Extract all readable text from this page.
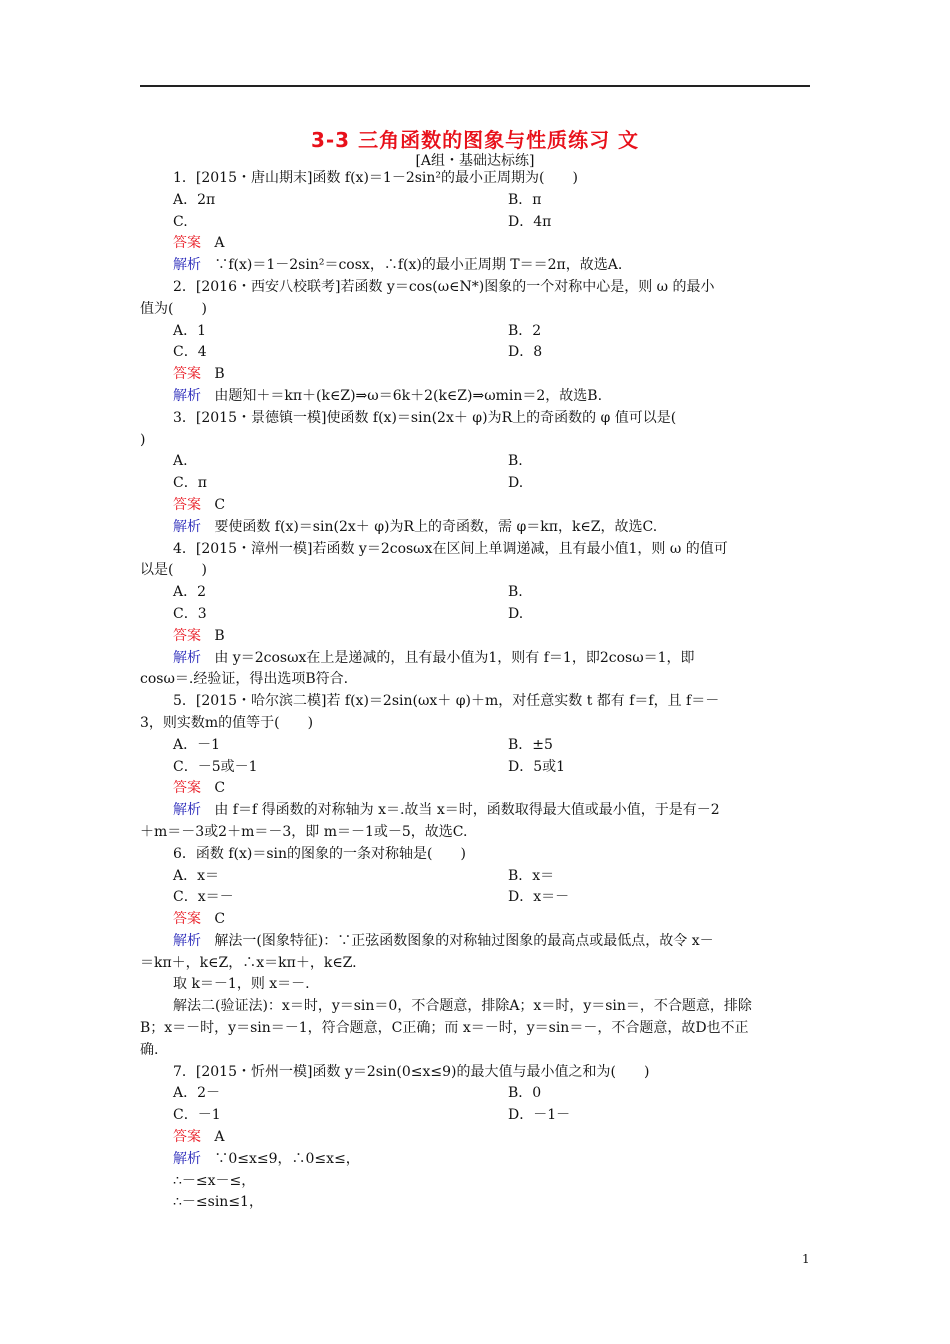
3-3 三角函数的图象与性质练习 文
[A组・基础达标练]
1．[2015・唐山期末]函数 f(x)＝1－2sin²的最小正周期为(　　)
A．2π	B．π
C.	D．4π
答案 A
解析 ∵f(x)＝1－2sin²＝cosx，∴f(x)的最小正周期 T＝＝2π，故选A.
2．[2016・西安八校联考]若函数 y＝cos(ω∈N*)图象的一个对称中心是，则 ω 的最小
值为(　　)
A．1	B．2
C．4	D．8
答案 B
解析 由题知＋＝kπ＋(k∈Z)⇒ω＝6k＋2(k∈Z)⇒ωmin＝2，故选B.
3．[2015・景德镇一模]使函数 f(x)＝sin(2x＋ φ)为R上的奇函数的 φ 值可以是(
)
A.	B.
C．π	D.
答案 C
解析 要使函数 f(x)＝sin(2x＋ φ)为R上的奇函数，需 φ＝kπ，k∈Z，故选C.
4．[2015・漳州一模]若函数 y＝2cosωx在区间上单调递减，且有最小值1，则 ω 的值可
以是(　　)
A．2	B.
C．3	D.
答案 B
解析 由 y＝2cosωx在上是递减的，且有最小值为1，则有 f＝1，即2cosω＝1，即
cosω＝.经验证，得出选项B符合.
5．[2015・哈尔滨二模]若 f(x)＝2sin(ωx＋ φ)＋m，对任意实数 t 都有 f＝f，且 f＝－
3，则实数m的值等于(　　)
A．－1	B．±5
C．－5或－1	D．5或1
答案 C
解析 由 f＝f 得函数的对称轴为 x＝.故当 x＝时，函数取得最大值或最小值，于是有－2
＋m＝－3或2＋m＝－3，即 m＝－1或－5，故选C.
6．函数 f(x)＝sin的图象的一条对称轴是(　　)
A．x＝	B．x＝
C．x＝－	D．x＝－
答案 C
解析 解法一(图象特征)：∵正弦函数图象的对称轴过图象的最高点或最低点，故令 x－
＝kπ＋，k∈Z，∴x＝kπ＋，k∈Z.
取 k＝－1，则 x＝－.
解法二(验证法)：x＝时，y＝sin＝0，不合题意，排除A；x＝时，y＝sin＝，不合题意，排除
B；x＝－时，y＝sin＝－1，符合题意，C正确；而 x＝－时，y＝sin＝－，不合题意，故D也不正
确.
7．[2015・忻州一模]函数 y＝2sin(0≤x≤9)的最大值与最小值之和为(　　)
A．2－	B．0
C．－1	D．－1－
答案 A
解析 ∵0≤x≤9，∴0≤x≤，
∴－≤x－≤，
∴－≤sin≤1，
1
